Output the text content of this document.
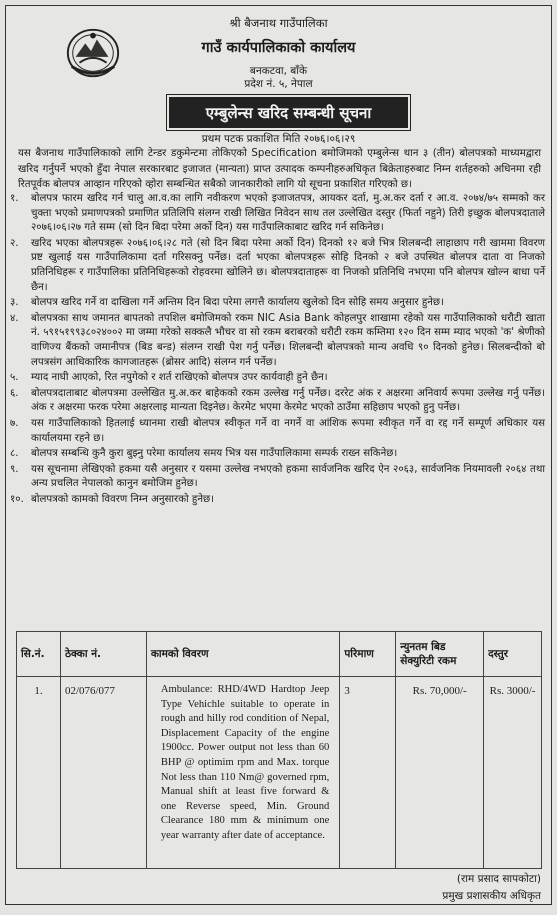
श्री बैजनाथ गाउँपालिका
गाउँ कार्यपालिकाको कार्यालय
बनकटवा, बाँके
प्रदेश नं. ५, नेपाल
एम्बुलेन्स खरिद सम्बन्धी सूचना
प्रथम पटक प्रकाशित मिति २०७६।०६।२९

यस बैजनाथ गाउँपालिकाको लागि टेन्डर डकुमेन्टमा तोकिएको Specification बमोजिमको एम्बुलेन्स थान ३ (तीन) बोलपत्रको माध्यमद्वारा खरिद गर्नुपर्ने भएको हुँदा नेपाल सरकारबाट इजाजत (मान्यता) प्राप्त उत्पादक कम्पनीहरुअधिकृत बिक्रेताहरुबाट निम्न शर्तहरुको अधिनमा रही रितपूर्वक बोलपत्र आव्हान गरिएको व्होरा सम्बन्धित सबैको जानकारीको लागि यो सूचना प्रकाशित गरिएको छ।

१. बोलपत्र फारम खरिद गर्न चालु आ.व.का लागि नवीकरण भएको इजाजतपत्र, आयकर दर्ता, मु.अ.कर दर्ता र आ.व. २०७४/७५ सम्मको कर चुक्ता भएको प्रमाणपत्रको प्रमाणित प्रतिलिपि संलग्न राखी लिखित निवेदन साथ तल उल्लेखित दस्तुर (फिर्ता नहुने) तिरी इच्छुक बोलपत्रदाताले २०७६।०६।२७ गते सम्म (सो दिन बिदा परेमा अर्को दिन) यस गाउँपालिकाबाट खरिद गर्न सकिनेछ।
२. खरिद भएका बोलपत्रहरू २०७६।०६।२८ गते (सो दिन बिदा परेमा अर्को दिन) दिनको १२ बजे भित्र शिलबन्दी लाहाछाप गरी खाममा विवरण प्रष्ट खुलाई यस गाउँपालिकामा दर्ता गरिसक्नु पर्नेछ। दर्ता भएका बोलपत्रहरू सोहि दिनको २ बजे उपस्थित बोलपत्र दाता वा निजको प्रतिनिधिहरू र गाउँपालिका प्रतिनिधिहरूको रोहवरमा खोलिने छ। बोलपत्रदाताहरू वा निजको प्रतिनिधि नभएमा पनि बोलपत्र खोल्न बाधा पर्ने छैन।
३. बोलपत्र खरिद गर्ने वा दाखिला गर्ने अन्तिम दिन बिदा परेमा लगत्तै कार्यालय खुलेको दिन सोहि समय अनुसार हुनेछ।
४. बोलपत्रका साथ जमानत बापतको तपशिल बमोजिमको रकम NIC Asia Bank कोहलपुर शाखामा रहेको यस गाउँपालिकाको धरौटी खाता नं. ५९१५१९९३८०२४००२ मा जम्मा गरेको सक्कलै भौचर वा सो रकम बराबरको धरौटी रकम कम्तिमा १२० दिन सम्म म्याद भएको 'क' श्रेणीको वाणिज्य बैंकको जमानीपत्र (बिड बन्ड) संलग्न राखी पेश गर्नु पर्नेछ। शिलबन्दी बोलपत्रको मान्य अवधि ९० दिनको हुनेछ। सिलबन्दीको बो लपत्रसंग आधिकारिक कागजातहरू (ब्रोसर आदि) संलग्न गर्न पर्नेछ।
५. म्याद नाघी आएको, रित नपुगेको र शर्त राखिएको बोलपत्र उपर कार्यवाही हुने छैन।
६. बोलपत्रदाताबाट बोलपत्रमा उल्लेखित मु.अ.कर बाहेकको रकम उल्लेख गर्नु पर्नेछ। दररेट अंक र अक्षरमा अनिवार्य रूपमा उल्लेख गर्नु पर्नेछ। अंक र अक्षरमा फरक परेमा अक्षरलाइ मान्यता दिइनेछ। केरमेट भएमा केरमेट भएको ठाउँमा सहिछाप भएको हुनु पर्नेछ।
७. यस गाउँपालिकाको हितलाई ध्यानमा राखी बोलपत्र स्वीकृत गर्ने वा नगर्ने वा आंशिक रूपमा स्वीकृत गर्ने वा रद्द गर्ने सम्पूर्ण अधिकार यस कार्यालयमा रहने छ।
८. बोलपत्र सम्बन्धि कुनै कुरा बुझ्नु परेमा कार्यालय समय भित्र यस गाउँपालिकामा सम्पर्क राख्न सकिनेछ।
९. यस सूचनामा लेखिएको हकमा यसै अनुसार र यसमा उल्लेख नभएको हकमा सार्वजनिक खरिद ऐन २०६३, सार्वजनिक नियमावली २०६४ तथा अन्य प्रचलित नेपालको कानुन बमोजिम हुनेछ।
१०. बोलपत्रको कामको विवरण निम्न अनुसारको हुनेछ।
सि.नं.	ठेक्का नं.	कामको विवरण	परिमाण	न्युनतम बिड सेक्युरिटी रकम	दस्तुर
1.	02/076/077	Ambulance: RHD/4WD Hardtop Jeep Type Vehichle suitable to operate in rough and hilly rod condition of Nepal, Displacement Capacity of the engine 1900cc. Power output not less than 60 BHP @ optimim rpm and Max. torque Not less than 110 Nm@ governed rpm, Manual shift at least five forward & one Reverse speed, Min. Ground Clearance 180 mm & minimum one year warranty after date of acceptance.	3	Rs. 70,000/-	Rs. 3000/-
(राम प्रसाद सापकोटा)
प्रमुख प्रशासकीय अधिकृत
